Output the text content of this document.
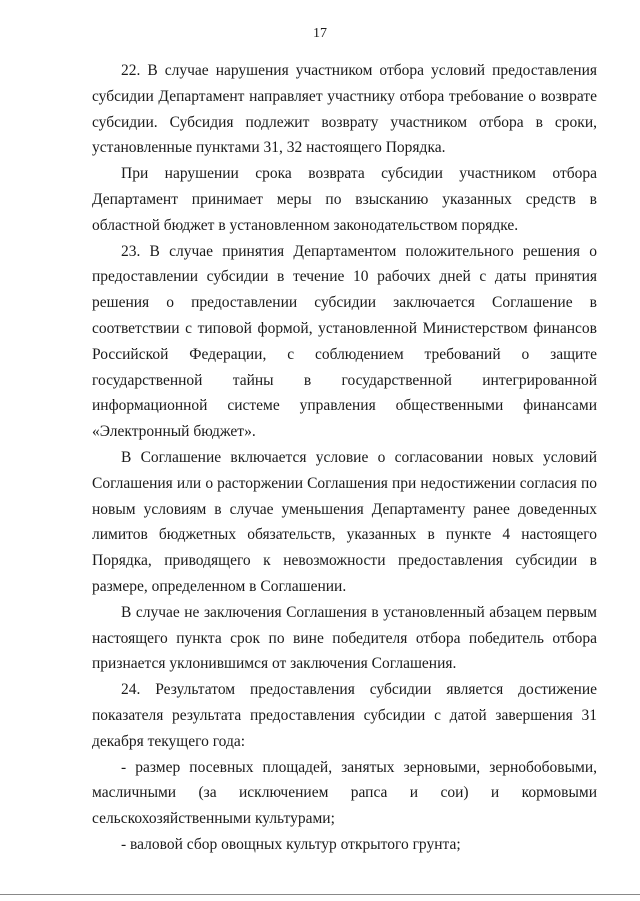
17

22. В случае нарушения участником отбора условий предоставления субсидии Департамент направляет участнику отбора требование о возврате субсидии. Субсидия подлежит возврату участником отбора в сроки, установленные пунктами 31, 32 настоящего Порядка.

При нарушении срока возврата субсидии участником отбора Департамент принимает меры по взысканию указанных средств в областной бюджет в установленном законодательством порядке.

23. В случае принятия Департаментом положительного решения о предоставлении субсидии в течение 10 рабочих дней с даты принятия решения о предоставлении субсидии заключается Соглашение в соответствии с типовой формой, установленной Министерством финансов Российской Федерации, с соблюдением требований о защите государственной тайны в государственной интегрированной информационной системе управления общественными финансами «Электронный бюджет».

В Соглашение включается условие о согласовании новых условий Соглашения или о расторжении Соглашения при недостижении согласия по новым условиям в случае уменьшения Департаменту ранее доведенных лимитов бюджетных обязательств, указанных в пункте 4 настоящего Порядка, приводящего к невозможности предоставления субсидии в размере, определенном в Соглашении.

В случае не заключения Соглашения в установленный абзацем первым настоящего пункта срок по вине победителя отбора победитель отбора признается уклонившимся от заключения Соглашения.

24. Результатом предоставления субсидии является достижение показателя результата предоставления субсидии с датой завершения 31 декабря текущего года:

- размер посевных площадей, занятых зерновыми, зернобобовыми, масличными (за исключением рапса и сои) и кормовыми сельскохозяйственными культурами;

- валовой сбор овощных культур открытого грунта;
